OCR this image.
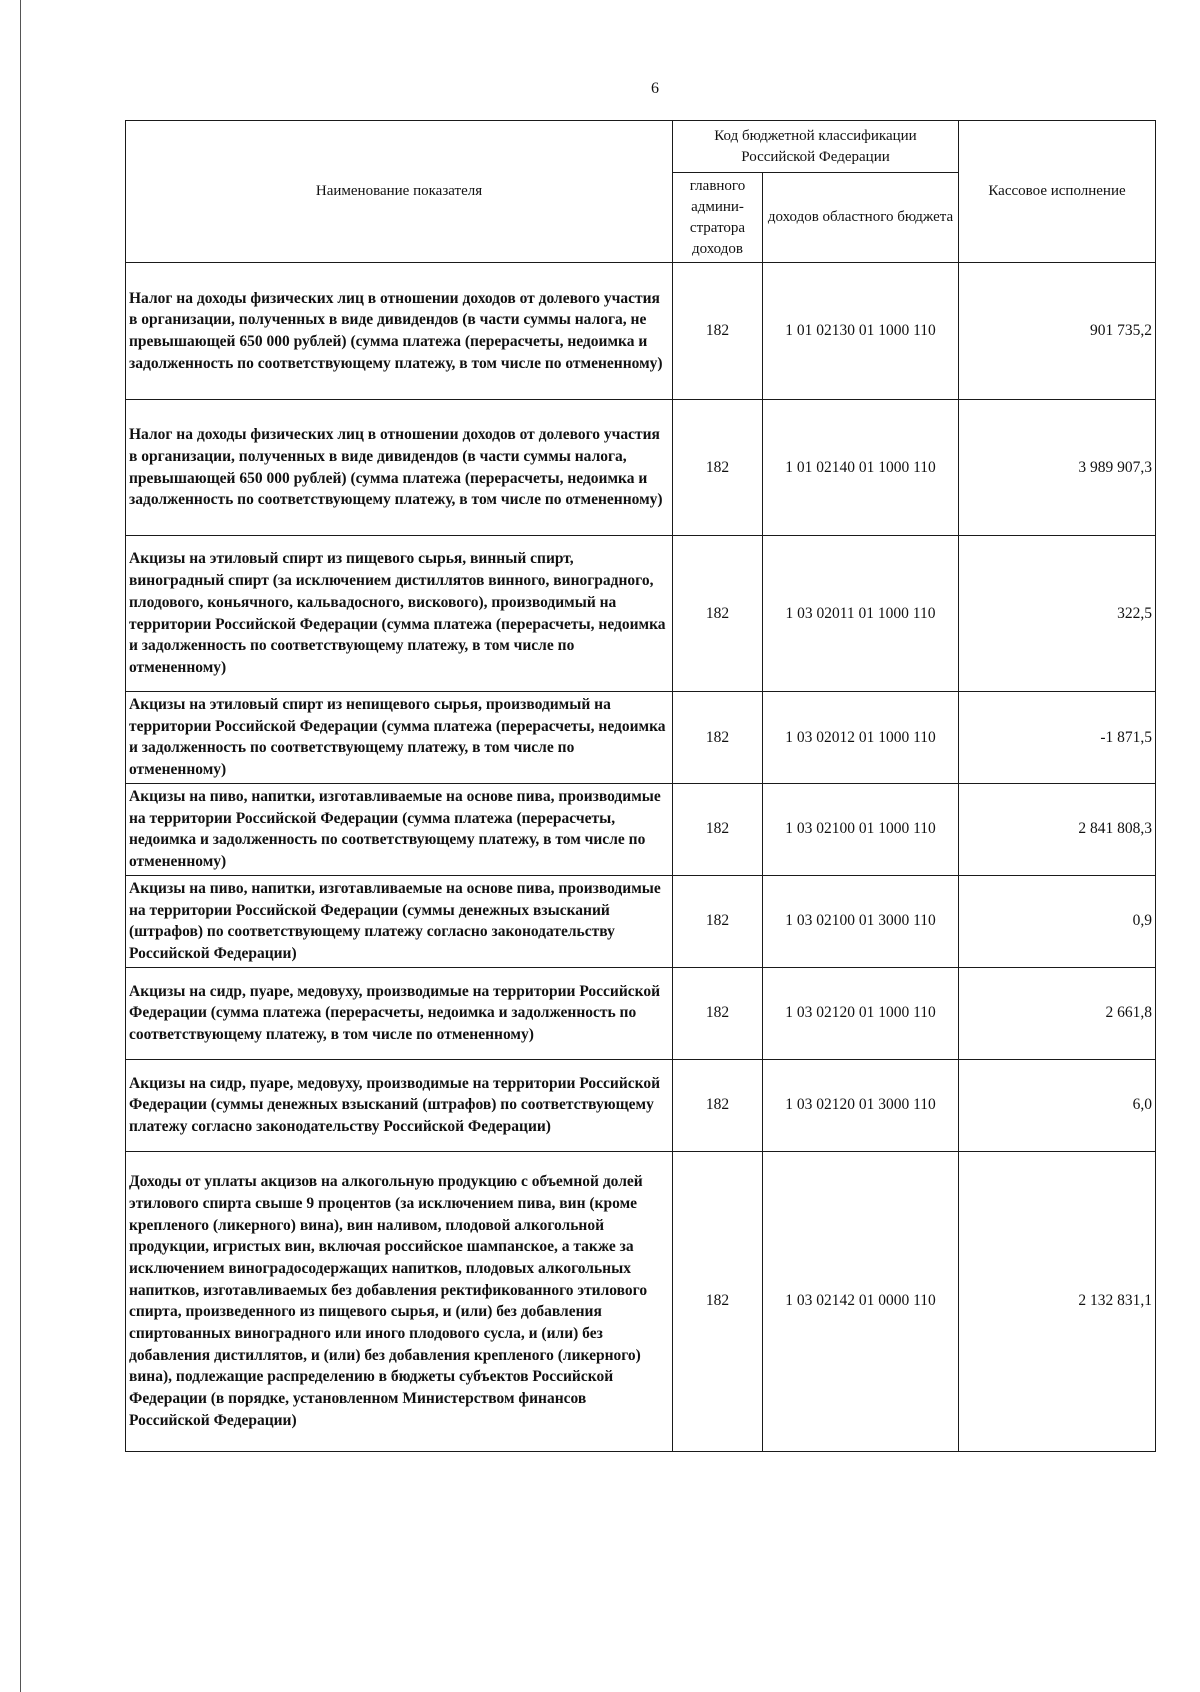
6
Наименование показателя	Код бюджетной классификации Российской Федерации		Кассовое исполнение
	главного админи-стратора доходов	доходов областного бюджета	
Налог на доходы физических лиц в отношении доходов от долевого участия в организации, полученных в виде дивидендов (в части суммы налога, не превышающей 650 000 рублей) (сумма платежа (перерасчеты, недоимка и задолженность по соответствующему платежу, в том числе по отмененному)	182	1 01 02130 01 1000 110	901 735,2
Налог на доходы физических лиц в отношении доходов от долевого участия в организации, полученных в виде дивидендов (в части суммы налога, превышающей 650 000 рублей) (сумма платежа (перерасчеты, недоимка и задолженность по соответствующему платежу, в том числе по отмененному)	182	1 01 02140 01 1000 110	3 989 907,3
Акцизы на этиловый спирт из пищевого сырья, винный спирт, виноградный спирт (за исключением дистиллятов винного, виноградного, плодового, коньячного, кальвадосного, вискового), производимый на территории Российской Федерации (сумма платежа (перерасчеты, недоимка и задолженность по соответствующему платежу, в том числе по отмененному)	182	1 03 02011 01 1000 110	322,5
Акцизы на этиловый спирт из непищевого сырья, производимый на территории Российской Федерации (сумма платежа (перерасчеты, недоимка и задолженность по соответствующему платежу, в том числе по отмененному)	182	1 03 02012 01 1000 110	-1 871,5
Акцизы на пиво, напитки, изготавливаемые на основе пива, производимые на территории Российской Федерации (сумма платежа (перерасчеты, недоимка и задолженность по соответствующему платежу, в том числе по отмененному)	182	1 03 02100 01 1000 110	2 841 808,3
Акцизы на пиво, напитки, изготавливаемые на основе пива, производимые на территории Российской Федерации (суммы денежных взысканий (штрафов) по соответствующему платежу согласно законодательству Российской Федерации)	182	1 03 02100 01 3000 110	0,9
Акцизы на сидр, пуаре, медовуху, производимые на территории Российской Федерации (сумма платежа (перерасчеты, недоимка и задолженность по соответствующему платежу, в том числе по отмененному)	182	1 03 02120 01 1000 110	2 661,8
Акцизы на сидр, пуаре, медовуху, производимые на территории Российской Федерации (суммы денежных взысканий (штрафов) по соответствующему платежу согласно законодательству Российской Федерации)	182	1 03 02120 01 3000 110	6,0
Доходы от уплаты акцизов на алкогольную продукцию с объемной долей этилового спирта свыше 9 процентов (за исключением пива, вин (кроме крепленого (ликерного) вина), вин наливом, плодовой алкогольной продукции, игристых вин, включая российское шампанское, а также за исключением виноградосодержащих напитков, плодовых алкогольных напитков, изготавливаемых без добавления ректификованного этилового спирта, произведенного из пищевого сырья, и (или) без добавления спиртованных виноградного или иного плодового сусла, и (или) без добавления дистиллятов, и (или) без добавления крепленого (ликерного) вина), подлежащие распределению в бюджеты субъектов Российской Федерации (в порядке, установленном Министерством финансов Российской Федерации)	182	1 03 02142 01 0000 110	2 132 831,1
